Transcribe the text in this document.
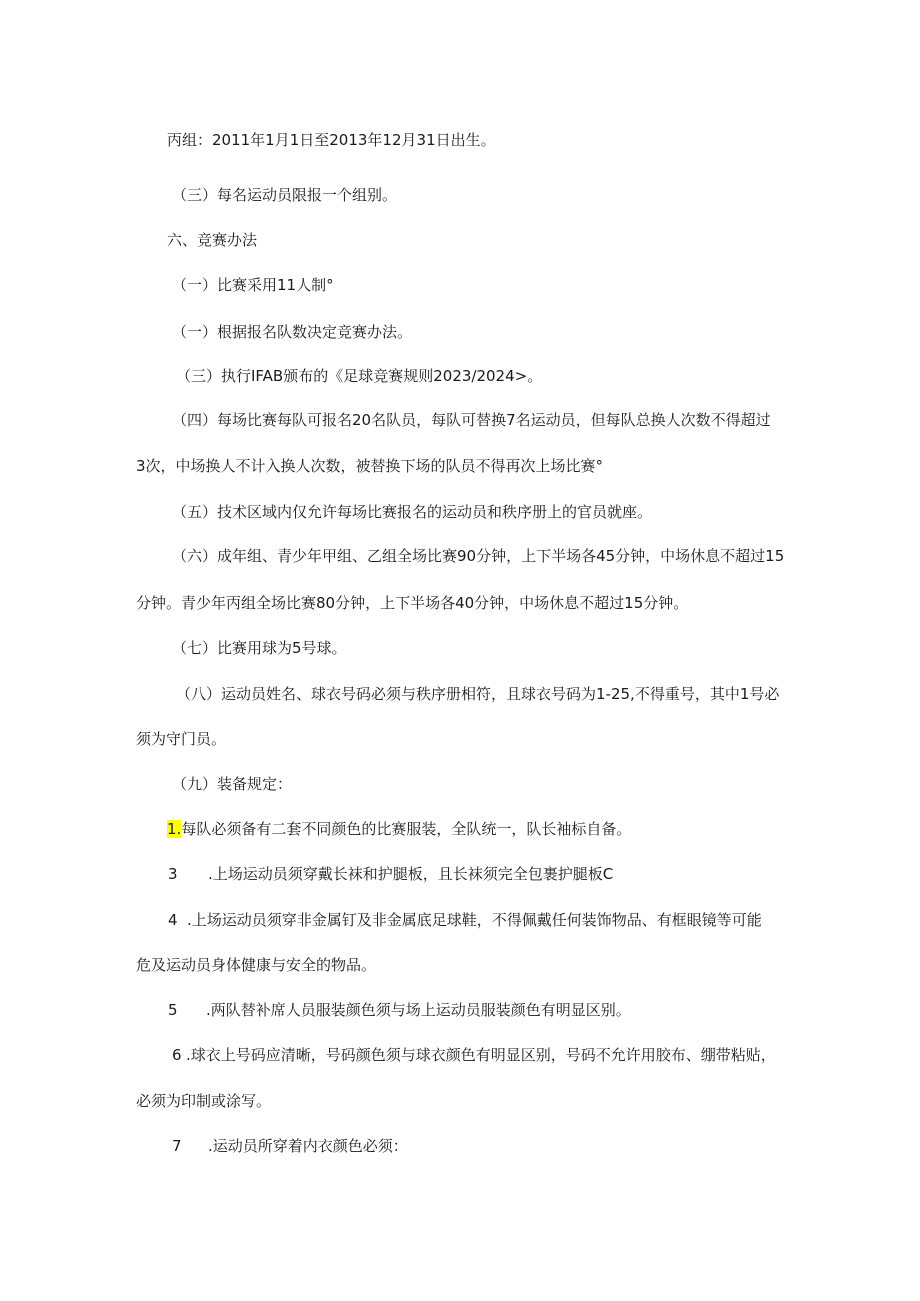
丙组：2011年1月1日至2013年12月31日出生。
（三）每名运动员限报一个组别。
六、竞赛办法
（一）比赛采用11人制°
（一）根据报名队数决定竞赛办法。
（三）执行IFAB颁布的《足球竞赛规则2023∕2024>。
（四）每场比赛每队可报名20名队员，每队可替换7名运动员，但每队总换人次数不得超过
3次，中场换人不计入换人次数，被替换下场的队员不得再次上场比赛°
（五）技术区域内仅允许每场比赛报名的运动员和秩序册上的官员就座。
（六）成年组、青少年甲组、乙组全场比赛90分钟，上下半场各45分钟，中场休息不超过15
分钟。青少年丙组全场比赛80分钟，上下半场各40分钟，中场休息不超过15分钟。
（七）比赛用球为5号球。
（八）运动员姓名、球衣号码必须与秩序册相符，且球衣号码为1-25,不得重号，其中1号必
须为守门员。
（九）装备规定：
1.每队必须备有二套不同颜色的比赛服装，全队统一，队长袖标自备。
3 .上场运动员须穿戴长袜和护腿板，且长袜须完全包裹护腿板C
4 .上场运动员须穿非金属钉及非金属底足球鞋，不得佩戴任何装饰物品、有框眼镜等可能
危及运动员身体健康与安全的物品。
5 .两队替补席人员服装颜色须与场上运动员服装颜色有明显区别。
6 .球衣上号码应清晰，号码颜色须与球衣颜色有明显区别，号码不允许用胶布、绷带粘贴，
必须为印制或涂写。
7 .运动员所穿着内衣颜色必须：
